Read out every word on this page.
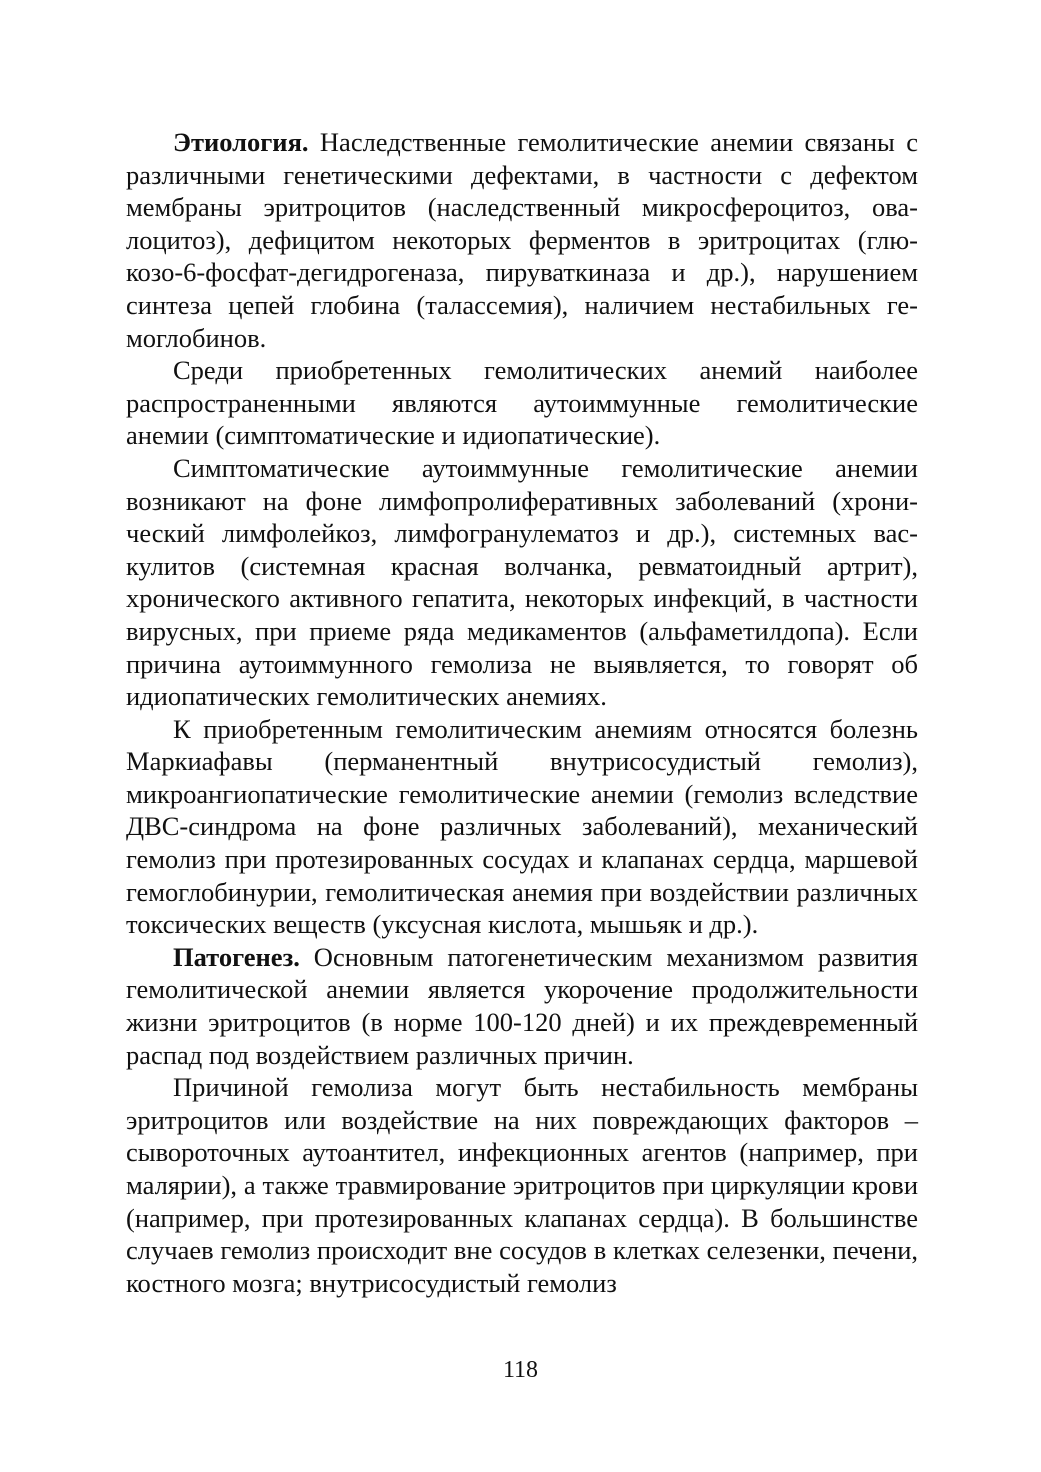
Этиология. Наследственные гемолитические анемии связаны с различными генетическими дефектами, в частности с дефектом мембраны эритроцитов (наследственный микросфероцитоз, овалоцитоз), дефицитом некоторых ферментов в эритроцитах (глюкозо-6-фосфат-дегидрогеназа, пируваткиназа и др.), нарушением синтеза цепей глобина (талассемия), наличием нестабильных гемоглобинов.

Среди приобретенных гемолитических анемий наиболее распространенными являются аутоиммунные гемолитические анемии (симптоматические и идиопатические).

Симптоматические аутоиммунные гемолитические анемии возникают на фоне лимфопролиферативных заболеваний (хронический лимфолейкоз, лимфогранулематоз и др.), системных васкулитов (системная красная волчанка, ревматоидный артрит), хронического активного гепатита, некоторых инфекций, в частности вирусных, при приеме ряда медикаментов (альфаметилдопа). Если причина аутоиммунного гемолиза не выявляется, то говорят об идиопатических гемолитических анемиях.

К приобретенным гемолитическим анемиям относятся болезнь Маркиафавы (перманентный внутрисосудистый гемолиз), микроангиопатические гемолитические анемии (гемолиз вследствие ДВС-синдрома на фоне различных заболеваний), механический гемолиз при протезированных сосудах и клапанах сердца, маршевой гемоглобинурии, гемолитическая анемия при воздействии различных токсических веществ (уксусная кислота, мышьяк и др.).

Патогенез. Основным патогенетическим механизмом развития гемолитической анемии является укорочение продолжительности жизни эритроцитов (в норме 100-120 дней) и их преждевременный распад под воздействием различных причин.

Причиной гемолиза могут быть нестабильность мембраны эритроцитов или воздействие на них повреждающих факторов – сывороточных аутоантител, инфекционных агентов (например, при малярии), а также травмирование эритроцитов при циркуляции крови (например, при протезированных клапанах сердца). В большинстве случаев гемолиз происходит вне сосудов в клетках селезенки, печени, костного мозга; внутрисосудистый гемолиз

118
